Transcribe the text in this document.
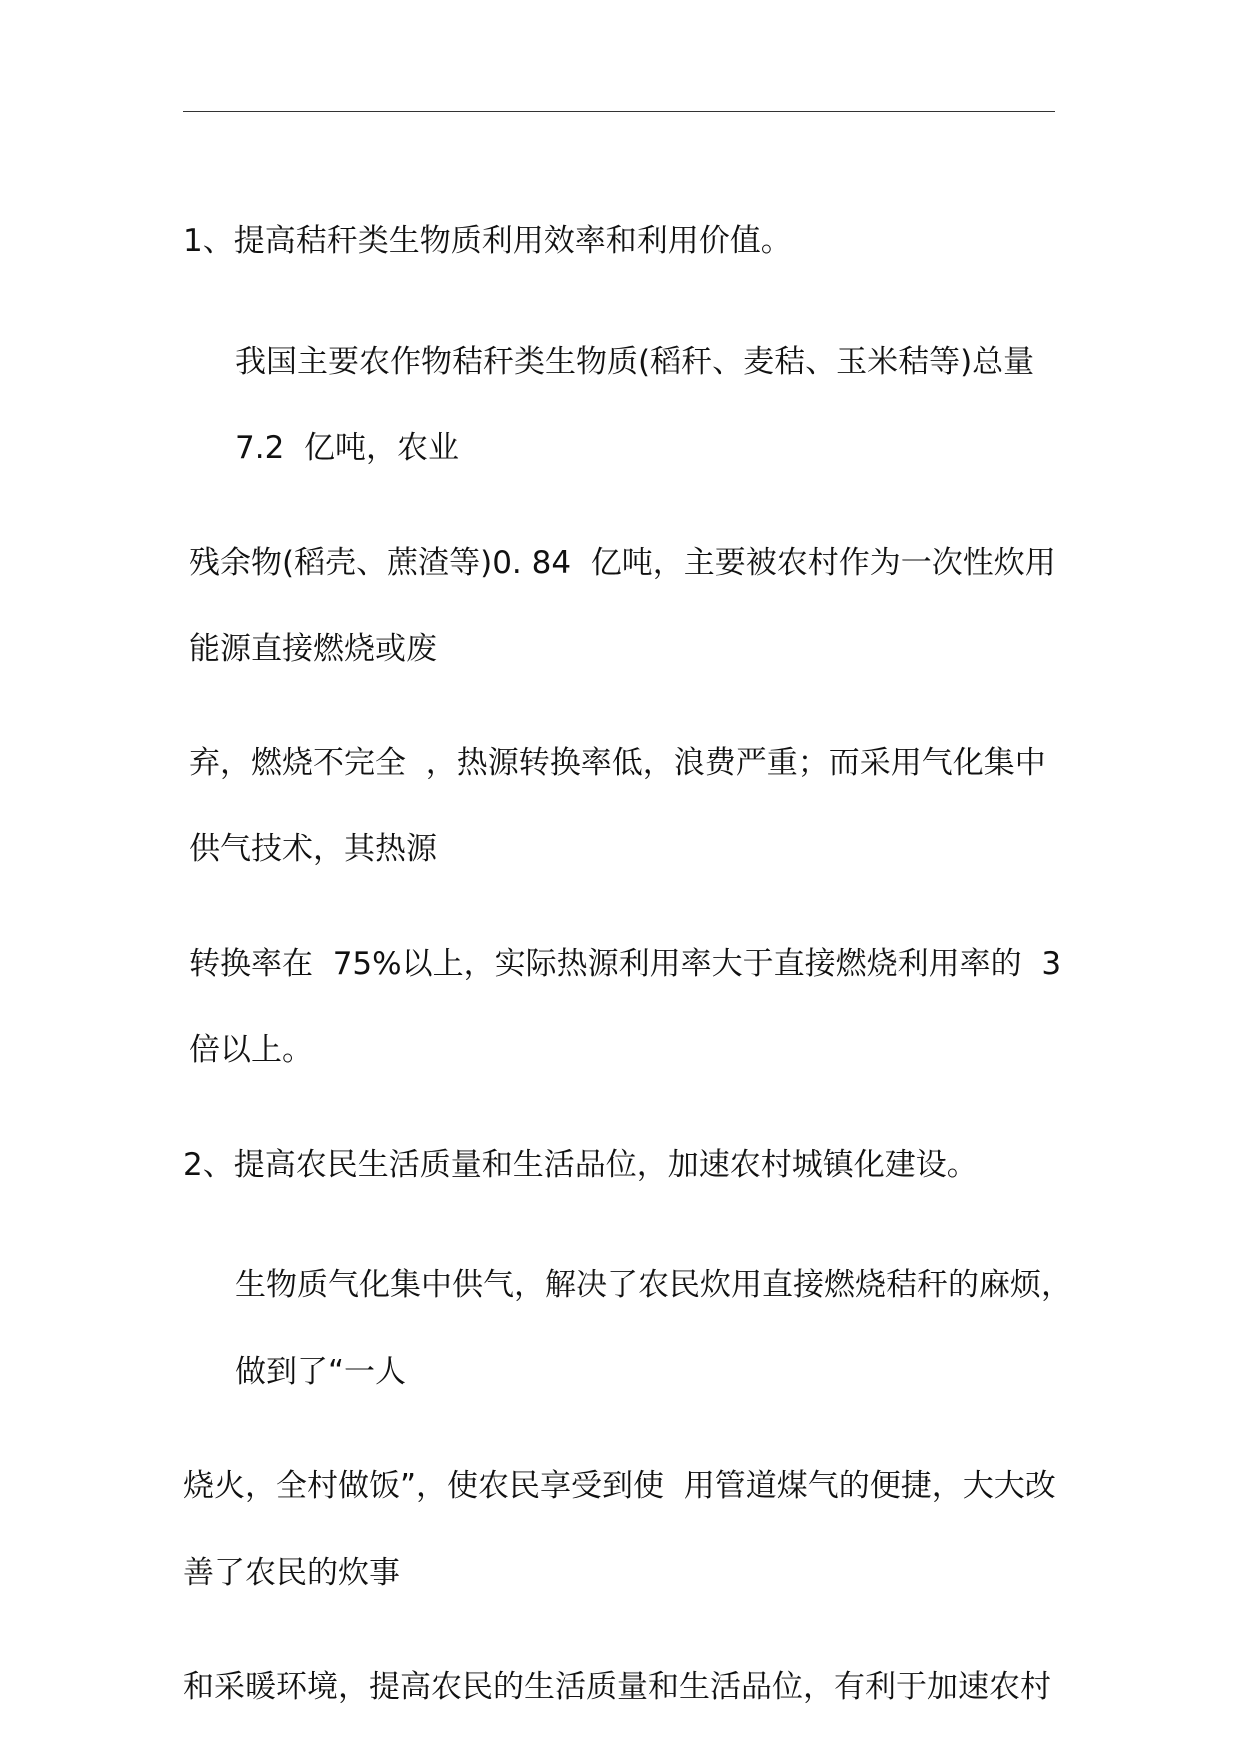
1、提高秸秆类生物质利用效率和利用价值。
我国主要农作物秸秆类生物质(稻秆、麦秸、玉米秸等)总量
7.2  亿吨，农业
残余物(稻壳、蔗渣等)0. 84  亿吨，主要被农村作为一次性炊用
能源直接燃烧或废
弃，燃烧不完全  ，热源转换率低，浪费严重；而采用气化集中
供气技术，其热源
转换率在  75%以上，实际热源利用率大于直接燃烧利用率的  3
倍以上。
2、提高农民生活质量和生活品位，加速农村城镇化建设。
生物质气化集中供气，解决了农民炊用直接燃烧秸秆的麻烦，
做到了“一人
烧火，全村做饭”，使农民享受到使  用管道煤气的便捷，大大改
善了农民的炊事
和采暖环境，提高农民的生活质量和生活品位，有利于加速农村
